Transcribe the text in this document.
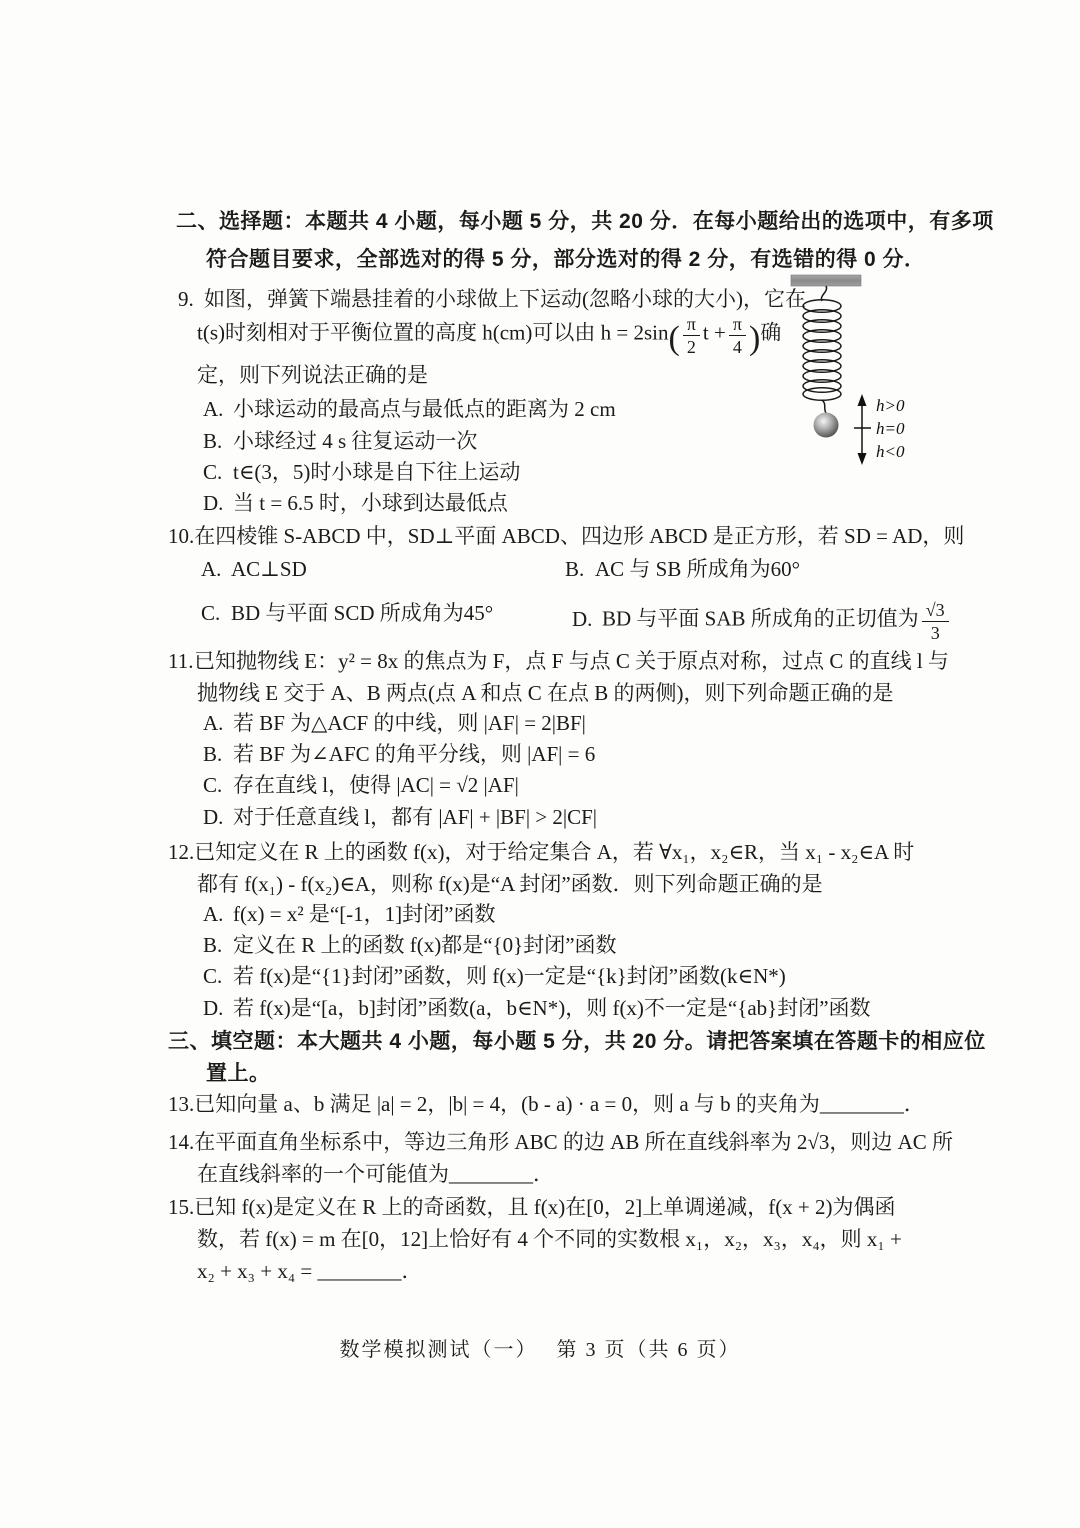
二、选择题：本题共 4 小题，每小题 5 分，共 20 分．在每小题给出的选项中，有多项
符合题目要求，全部选对的得 5 分，部分选对的得 2 分，有选错的得 0 分．
9. 如图，弹簧下端悬挂着的小球做上下运动(忽略小球的大小)，它在
t(s)时刻相对于平衡位置的高度 h(cm)可以由 $h = 2\sin( \frac{\pi}{2}$ $t + \frac{\pi}{4}$ )确
定，则下列说法正确的是
A. 小球运动的最高点与最低点的距离为 2 cm
B. 小球经过 4 s 往复运动一次
C. t∈(3，5)时小球是自下往上运动
D. 当 t = 6.5 时，小球到达最低点
h>0
h=0
h<0
10.在四棱锥 S-ABCD 中，SD⊥平面 ABCD、四边形 ABCD 是正方形，若 SD = AD，则
A. AC⊥SD	B. AC 与 SB 所成角为60°
C. BD 与平面 SCD 所成角为45°	D. BD 与平面 SAB 所成角的正切值为 $\frac{√3}{3}$
11.已知抛物线 E：y² = 8x 的焦点为 F，点 F 与点 C 关于原点对称，过点 C 的直线 l 与
抛物线 E 交于 A、B 两点(点 A 和点 C 在点 B 的两侧)，则下列命题正确的是
A. 若 BF 为△ACF 的中线，则 |AF| = 2|BF|
B. 若 BF 为∠AFC 的角平分线，则 |AF| = 6
C. 存在直线 l，使得 |AC| = √2 |AF|
D. 对于任意直线 l，都有 |AF| + |BF| > 2|CF|
12.已知定义在 R 上的函数 f(x)，对于给定集合 A，若 ∀x₁，x₂∈R，当 x₁ - x₂∈A 时
都有 f(x₁) - f(x₂)∈A，则称 f(x)是“A 封闭”函数．则下列命题正确的是
A. f(x) = x² 是“[-1，1]封闭”函数
B. 定义在 R 上的函数 f(x)都是“{0}封闭”函数
C. 若 f(x)是“{1}封闭”函数，则 f(x)一定是“{k}封闭”函数(k∈N*)
D. 若 f(x)是“[a，b]封闭”函数(a，b∈N*)，则 f(x)不一定是“{ab}封闭”函数
三、填空题：本大题共 4 小题，每小题 5 分，共 20 分。请把答案填在答题卡的相应位
置上。
13.已知向量 a、b 满足 |a| = 2，|b| = 4，(b - a) · a = 0，则 a 与 b 的夹角为________．
14.在平面直角坐标系中，等边三角形 ABC 的边 AB 所在直线斜率为 2√3，则边 AC 所
在直线斜率的一个可能值为________．
15.已知 f(x)是定义在 R 上的奇函数，且 f(x)在[0，2]上单调递减，f(x + 2)为偶函
数，若 f(x) = m 在[0，12]上恰好有 4 个不同的实数根 x₁，x₂，x₃，x₄，则 x₁ +
x₂ + x₃ + x₄ = ________．
数学模拟测试（一）　 第 3 页（共 6 页）
